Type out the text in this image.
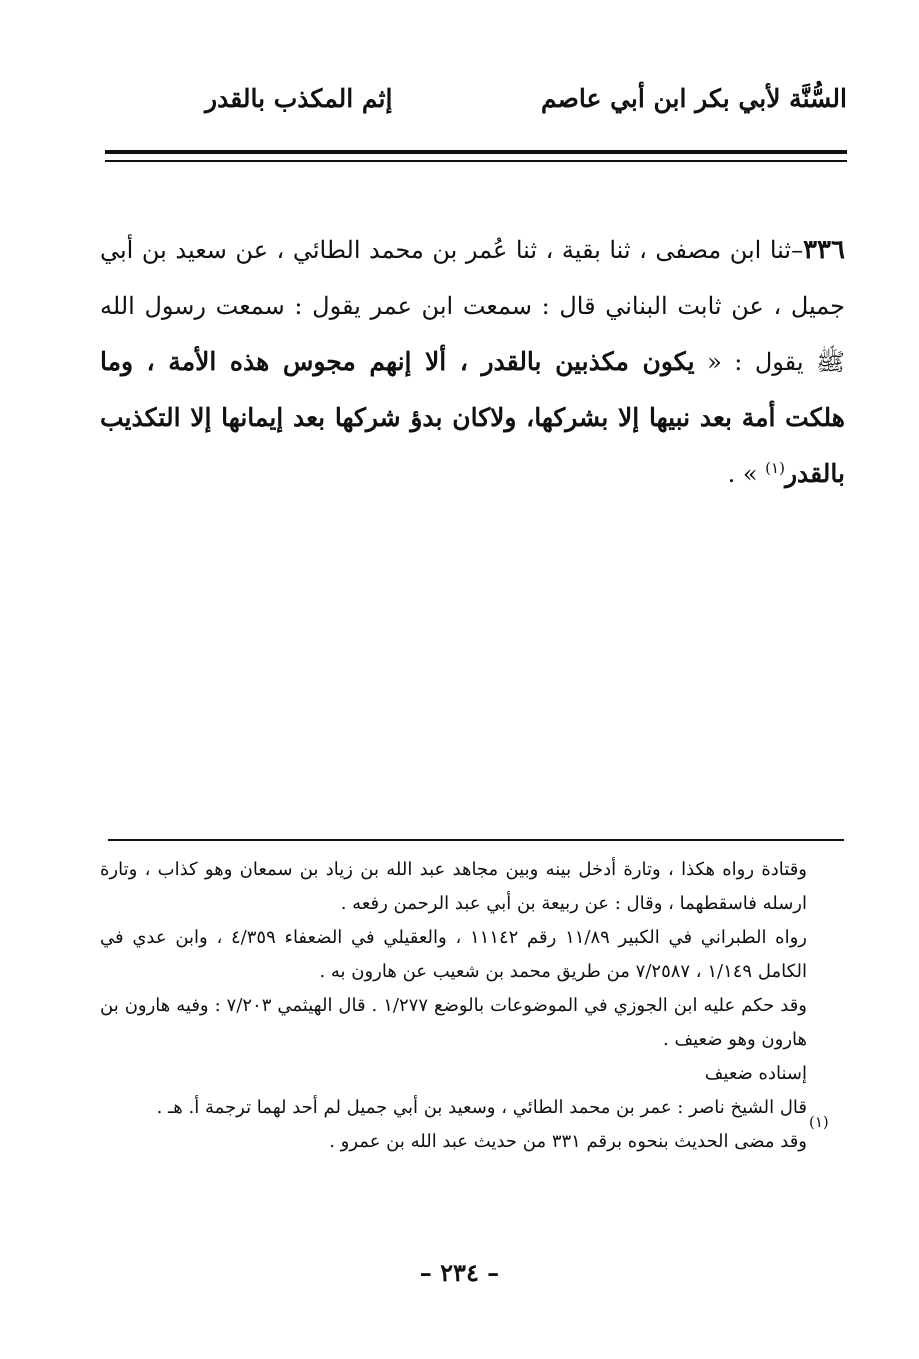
السُّنَّة لأبي بكر ابن أبي عاصم
إثم المكذب بالقدر
٣٣٦–ثنا ابن مصفى ، ثنا بقية ، ثنا عُمر بن محمد الطائي ، عن سعيد بن أبي جميل ، عن ثابت البناني قال : سمعت ابن عمر يقول : سمعت رسول الله ﷺ يقول : « يكون مكذبين بالقدر ، ألا إنهم مجوس هذه الأمة ، وما هلكت أمة بعد نبيها إلا بشركها، ولاكان بدؤ شركها بعد إيمانها إلا التكذيب بالقدر$^{(١)}$ » .

وقتادة رواه هكذا ، وتارة أدخل بينه وبين مجاهد عبد الله بن زياد بن سمعان وهو كذاب ، وتارة ارسله فاسقطهما ، وقال : عن ربيعة بن أبي عبد الرحمن رفعه .

رواه الطبراني في الكبير ١١/٨٩ رقم ١١١٤٢ ، والعقيلي في الضعفاء ٤/٣٥٩ ، وابن عدي في الكامل ١/١٤٩ ، ٧/٢٥٨٧ من طريق محمد بن شعيب عن هارون به .

وقد حكم عليه ابن الجوزي في الموضوعات بالوضع ١/٢٧٧ . قال الهيثمي ٧/٢٠٣ : وفيه هارون بن هارون وهو ضعيف .

إسناده ضعيف

قال الشيخ ناصر : عمر بن محمد الطائي ، وسعيد بن أبي جميل لم أحد لهما ترجمة أ. هـ .

وقد مضى الحديث بنحوه برقم ٣٣١ من حديث عبد الله بن عمرو .

(١)
– ٢٣٤ –
